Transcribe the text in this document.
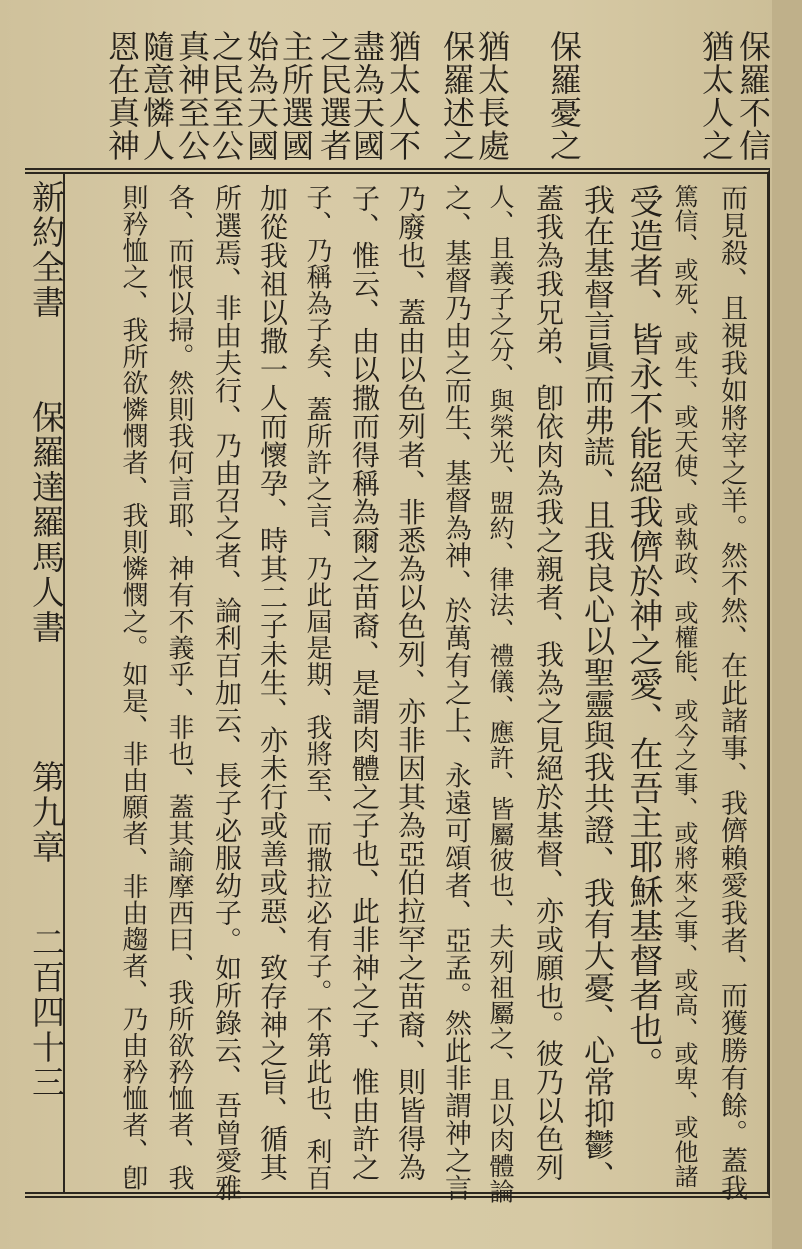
保羅不信
猶太人之
保羅憂之
猶太長處
保羅述之
猶太人不
盡為天國
之民選者
主所選國
始為天國
之民至公
真神至公
隨意憐人
恩在真神
新約全書
保羅達羅馬人書
第九章
二百四十三	而見殺、且視我如將宰之羊。然不然、在此諸事、我儕賴愛我者、而獲勝有餘。蓋我
篤信、或死、或生、或天使、或執政、或權能、或今之事、或將來之事、或高、或卑、或他諸
受造者、皆永不能絕我儕於神之愛、在吾主耶穌基督者也。
我在基督言眞而弗謊、且我良心以聖靈與我共證、我有大憂、心常抑鬱、
蓋我為我兄弟、卽依肉為我之親者、我為之見絕於基督、亦或願也。彼乃以色列
人、且義子之分、與榮光、盟約、律法、禮儀、應許、皆屬彼也、夫列祖屬之、且以肉體論
之、基督乃由之而生、基督為神、於萬有之上、永遠可頌者、亞孟。然此非謂神之言
乃廢也、蓋由以色列者、非悉為以色列、亦非因其為亞伯拉罕之苗裔、則皆得為
子、惟云、由以撒而得稱為爾之苗裔、是謂肉體之子也、此非神之子、惟由許之
子、乃稱為子矣、蓋所許之言、乃此屆是期、我將至、而撒拉必有子。不第此也、利百
加從我祖以撒一人而懷孕、時其二子未生、亦未行或善或惡、致存神之旨、循其
所選焉、非由夫行、乃由召之者、論利百加云、長子必服幼子。如所錄云、吾曾愛雅
各、而恨以掃。然則我何言耶、神有不義乎、非也、蓋其諭摩西曰、我所欲矜恤者、我
則矜恤之、我所欲憐憫者、我則憐憫之。如是、非由願者、非由趨者、乃由矜恤者、卽
